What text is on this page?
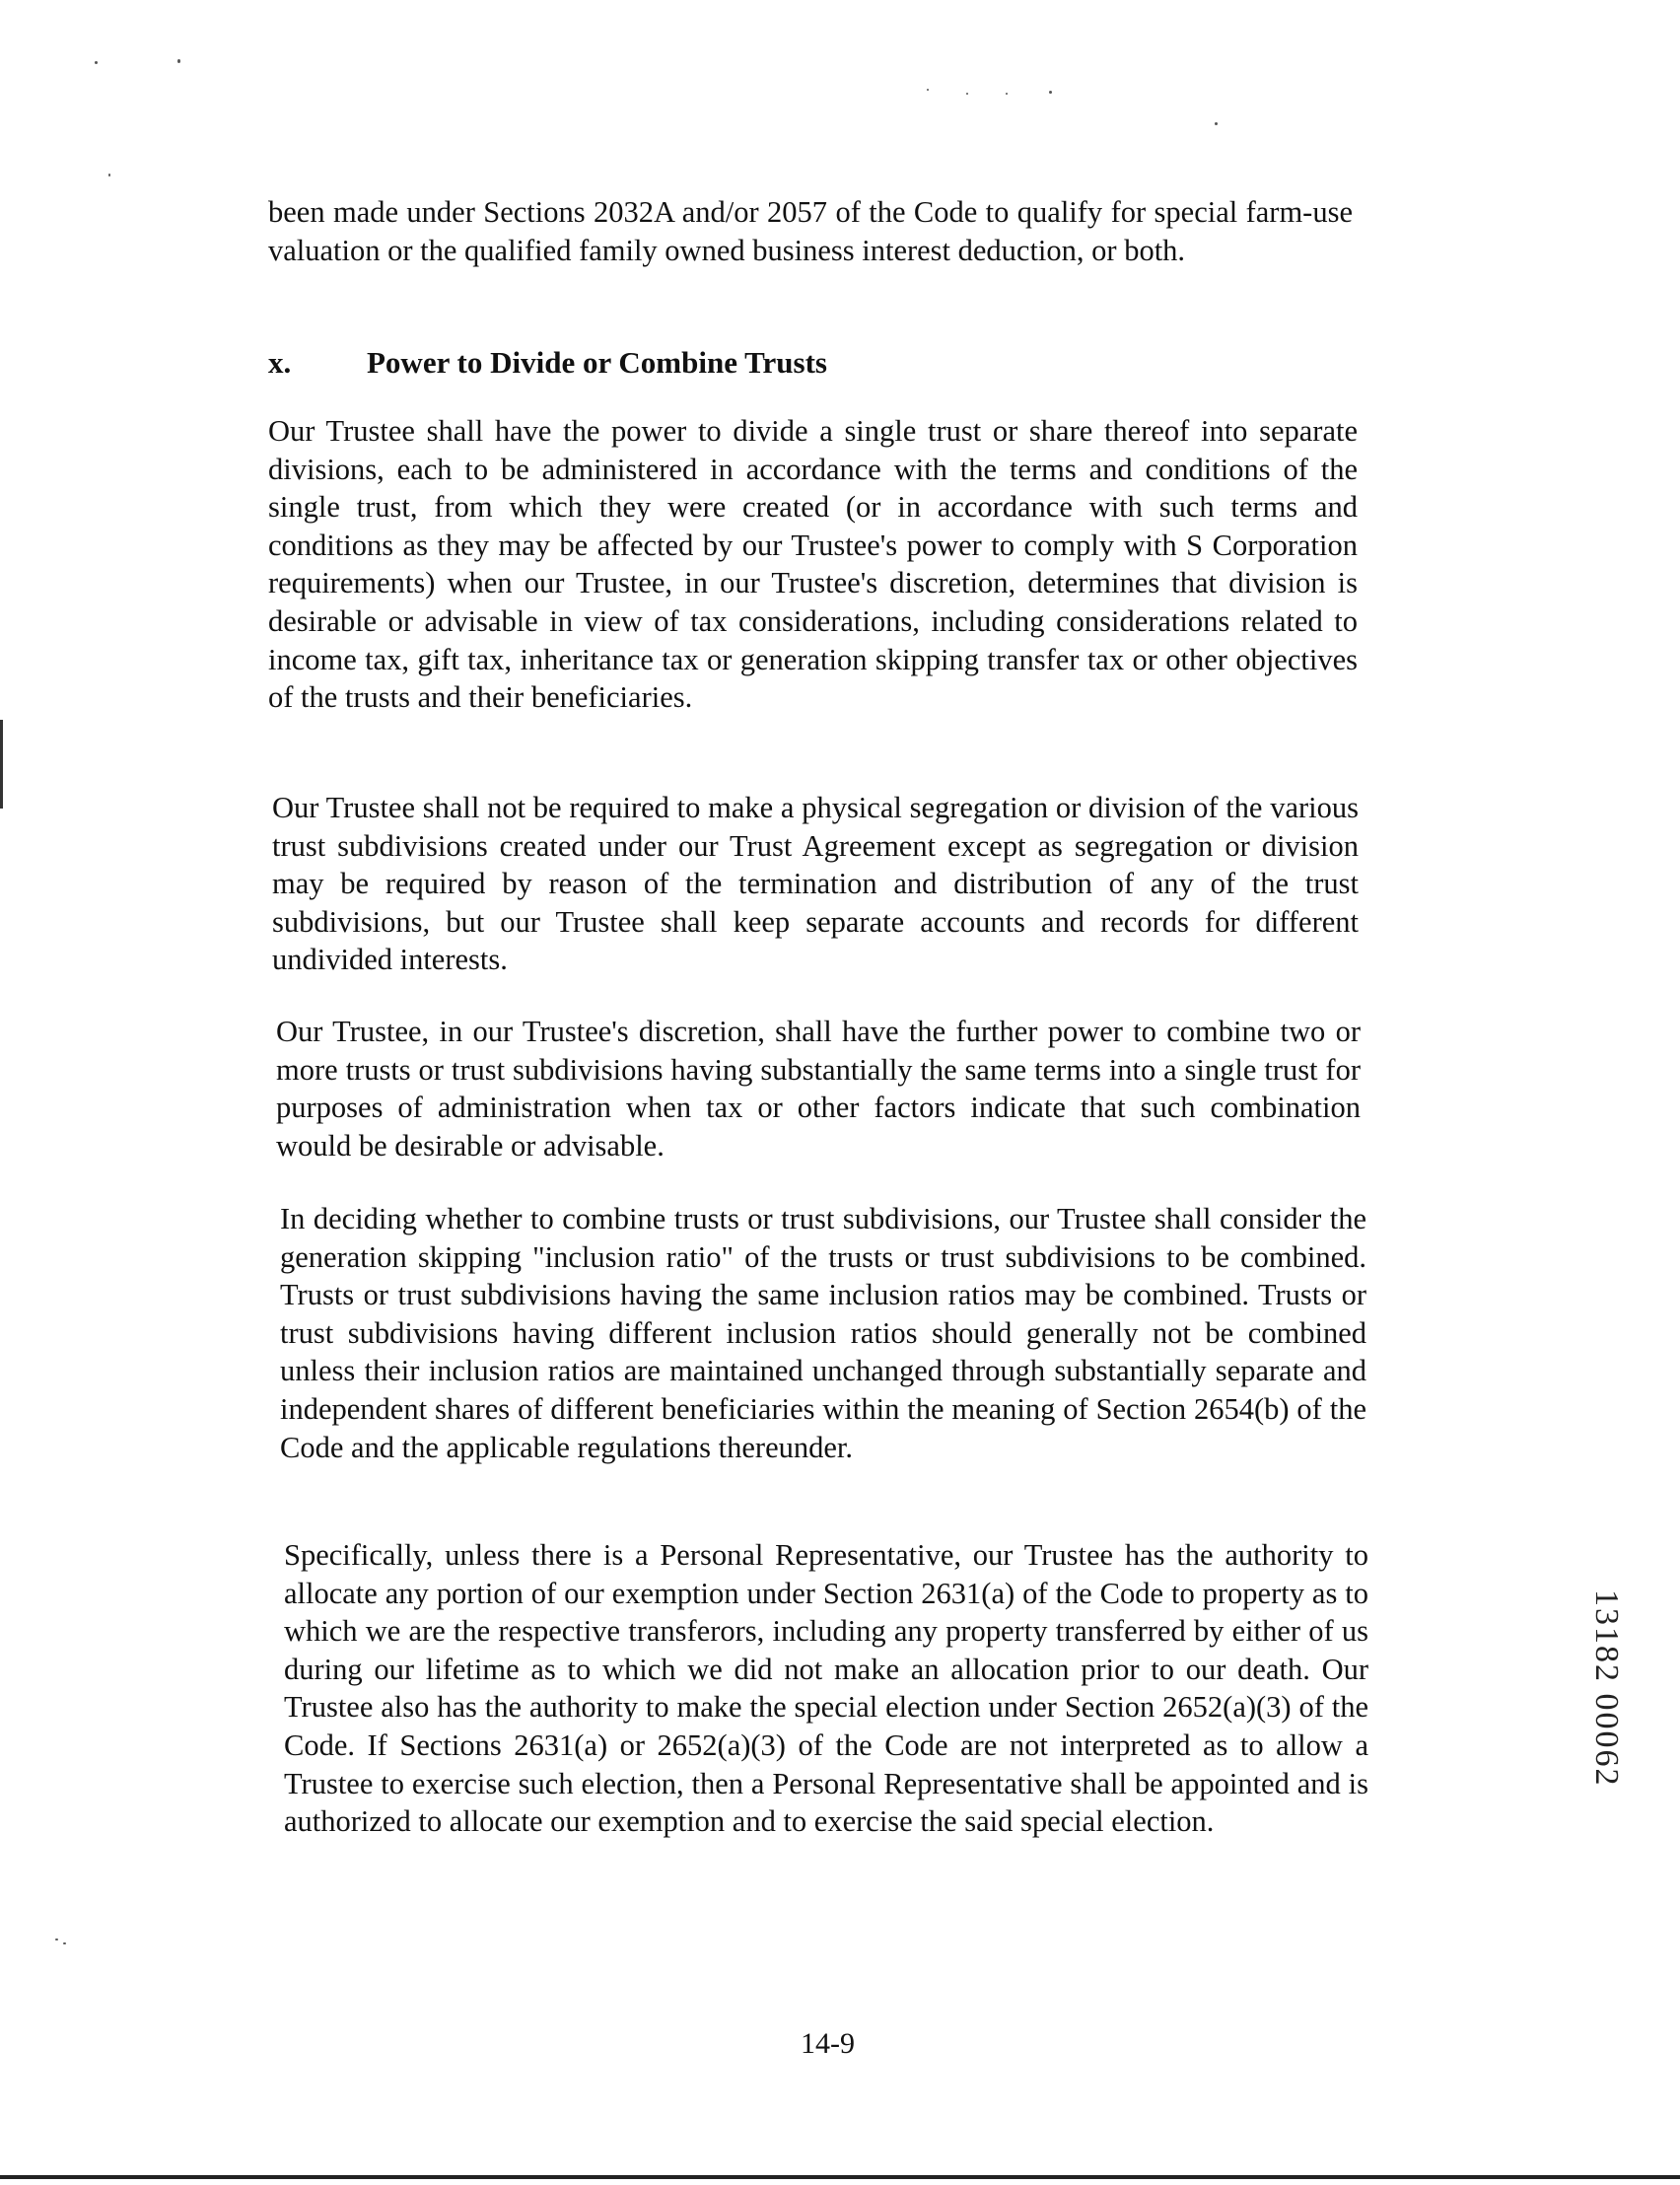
been made under Sections 2032A and/or 2057 of the Code to qualify for special farm-use valuation or the qualified family owned business interest deduction, or both.

x. Power to Divide or Combine Trusts

Our Trustee shall have the power to divide a single trust or share thereof into separate divisions, each to be administered in accordance with the terms and conditions of the single trust, from which they were created (or in accordance with such terms and conditions as they may be affected by our Trustee's power to comply with S Corporation requirements) when our Trustee, in our Trustee's discretion, determines that division is desirable or advisable in view of tax considerations, including considerations related to income tax, gift tax, inheritance tax or generation skipping transfer tax or other objectives of the trusts and their beneficiaries.

Our Trustee shall not be required to make a physical segregation or division of the various trust subdivisions created under our Trust Agreement except as segregation or division may be required by reason of the termination and distribution of any of the trust subdivisions, but our Trustee shall keep separate accounts and records for different undivided interests.

Our Trustee, in our Trustee's discretion, shall have the further power to combine two or more trusts or trust subdivisions having substantially the same terms into a single trust for purposes of administration when tax or other factors indicate that such combination would be desirable or advisable.

In deciding whether to combine trusts or trust subdivisions, our Trustee shall consider the generation skipping "inclusion ratio" of the trusts or trust subdivisions to be combined. Trusts or trust subdivisions having the same inclusion ratios may be combined. Trusts or trust subdivisions having different inclusion ratios should generally not be combined unless their inclusion ratios are maintained unchanged through substantially separate and independent shares of different beneficiaries within the meaning of Section 2654(b) of the Code and the applicable regulations thereunder.

Specifically, unless there is a Personal Representative, our Trustee has the authority to allocate any portion of our exemption under Section 2631(a) of the Code to property as to which we are the respective transferors, including any property transferred by either of us during our lifetime as to which we did not make an allocation prior to our death. Our Trustee also has the authority to make the special election under Section 2652(a)(3) of the Code. If Sections 2631(a) or 2652(a)(3) of the Code are not interpreted as to allow a Trustee to exercise such election, then a Personal Representative shall be appointed and is authorized to allocate our exemption and to exercise the said special election.

14-9
13182 00062
